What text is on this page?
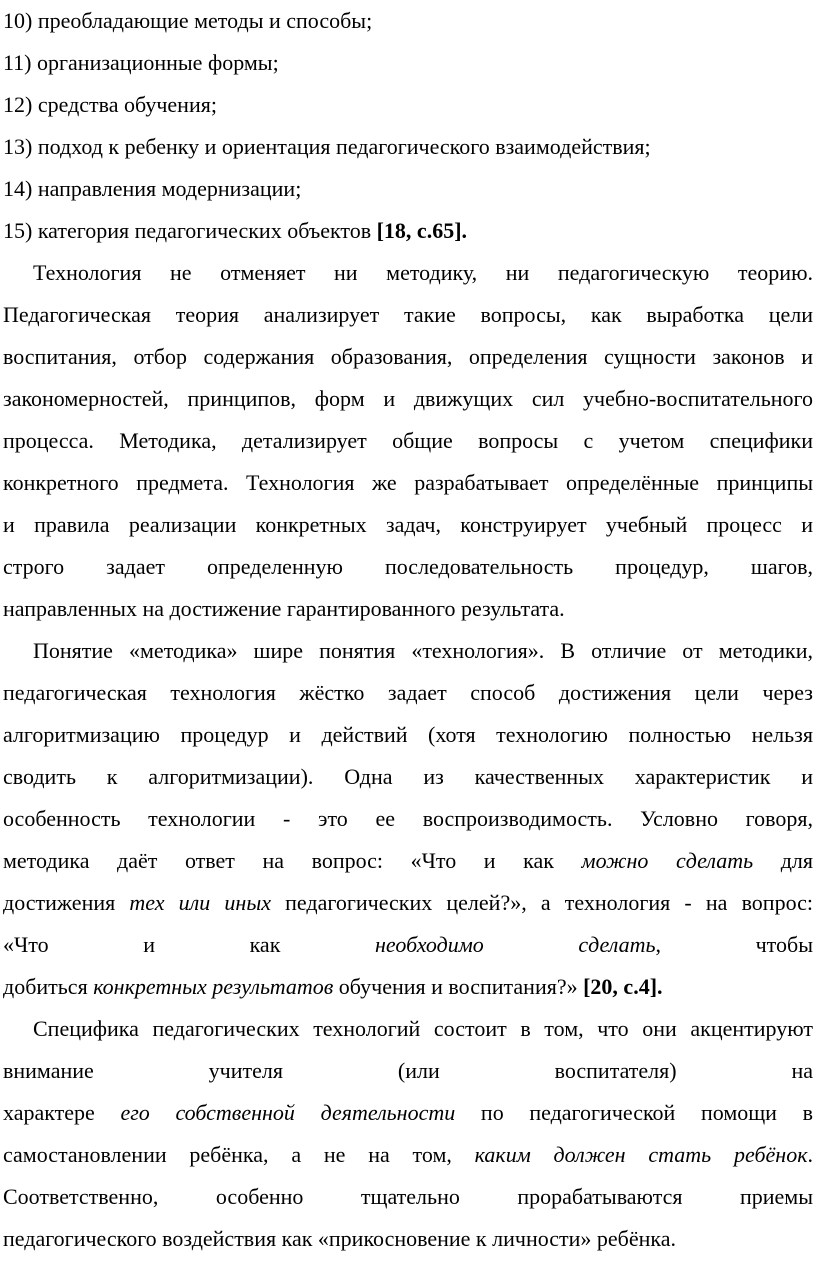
10) преобладающие методы и способы;
11) организационные формы;
12) средства обучения;
13) подход к ребенку и ориентация педагогического взаимодействия;
14) направления модернизации;
15) категория педагогических объектов [18, с.65].
Технология не отменяет ни методику, ни педагогическую теорию.
Педагогическая теория анализирует такие вопросы, как выработка цели
воспитания, отбор содержания образования, определения сущности законов и
закономерностей, принципов, форм и движущих сил учебно-воспитательного
процесса. Методика, детализирует общие вопросы с учетом специфики
конкретного предмета. Технология же разрабатывает определённые принципы
и правила реализации конкретных задач, конструирует учебный процесс и
строго задает определенную последовательность процедур, шагов,
направленных на достижение гарантированного результата.
Понятие «методика» шире понятия «технология». В отличие от методики,
педагогическая технология жёстко задает способ достижения цели через
алгоритмизацию процедур и действий (хотя технологию полностью нельзя
сводить к алгоритмизации). Одна из качественных характеристик и
особенность технологии - это ее воспроизводимость. Условно говоря,
методика даёт ответ на вопрос: «Что и как можно сделать для
достижения тех или иных педагогических целей?», а технология - на вопрос:
«Что и как	необходимо сделать, чтобы
добиться конкретных результатов обучения и воспитания?» [20, с.4].
Специфика педагогических технологий состоит в том, что они акцентируют
внимание учителя (или воспитателя) на
характере его собственной деятельности по педагогической помощи в
самостановлении ребёнка, а не на том, каким должен стать ребёнок.
Соответственно, особенно тщательно прорабатываются приемы
педагогического воздействия как «прикосновение к личности» ребёнка.
